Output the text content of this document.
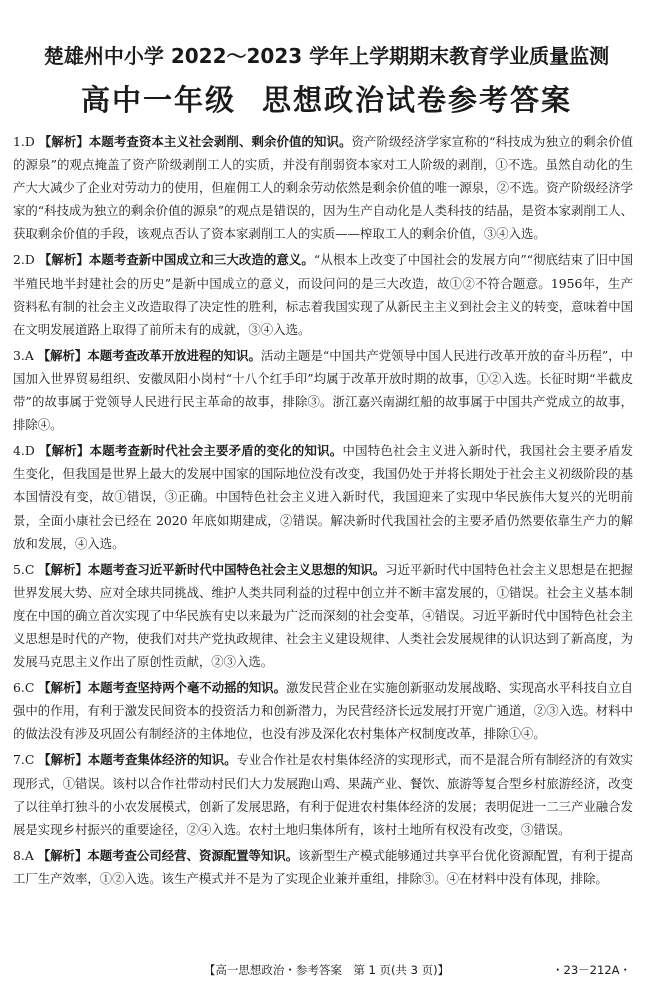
楚雄州中小学 2022～2023 学年上学期期末教育学业质量监测
高中一年级 思想政治试卷参考答案
1.D 【解析】本题考查资本主义社会剥削、剩余价值的知识。资产阶级经济学家宣称的“科技成为独立的剩余价值的源泉”的观点掩盖了资产阶级剥削工人的实质，并没有削弱资本家对工人阶级的剥削，①不选。虽然自动化的生产大大减少了企业对劳动力的使用，但雇佣工人的剩余劳动依然是剩余价值的唯一源泉，②不选。资产阶级经济学家的“科技成为独立的剩余价值的源泉”的观点是错误的，因为生产自动化是人类科技的结晶，是资本家剥削工人、获取剩余价值的手段，该观点否认了资本家剥削工人的实质——榨取工人的剩余价值，③④入选。
2.D 【解析】本题考查新中国成立和三大改造的意义。“从根本上改变了中国社会的发展方向”“彻底结束了旧中国半殖民地半封建社会的历史”是新中国成立的意义，而设问问的是三大改造，故①②不符合题意。1956年，生产资料私有制的社会主义改造取得了决定性的胜利，标志着我国实现了从新民主主义到社会主义的转变，意味着中国在文明发展道路上取得了前所未有的成就，③④入选。
3.A 【解析】本题考查改革开放进程的知识。活动主题是“中国共产党领导中国人民进行改革开放的奋斗历程”，中国加入世界贸易组织、安徽凤阳小岗村“十八个红手印”均属于改革开放时期的故事，①②入选。长征时期“半截皮带”的故事属于党领导人民进行民主革命的故事，排除③。浙江嘉兴南湖红船的故事属于中国共产党成立的故事，排除④。
4.D 【解析】本题考查新时代社会主要矛盾的变化的知识。中国特色社会主义进入新时代，我国社会主要矛盾发生变化，但我国是世界上最大的发展中国家的国际地位没有改变，我国仍处于并将长期处于社会主义初级阶段的基本国情没有变，故①错误，③正确。中国特色社会主义进入新时代，我国迎来了实现中华民族伟大复兴的光明前景，全面小康社会已经在 2020 年底如期建成，②错误。解决新时代我国社会的主要矛盾仍然要依靠生产力的解放和发展，④入选。
5.C 【解析】本题考查习近平新时代中国特色社会主义思想的知识。习近平新时代中国特色社会主义思想是在把握世界发展大势、应对全球共同挑战、维护人类共同利益的过程中创立并不断丰富发展的，①错误。社会主义基本制度在中国的确立首次实现了中华民族有史以来最为广泛而深刻的社会变革，④错误。习近平新时代中国特色社会主义思想是时代的产物，使我们对共产党执政规律、社会主义建设规律、人类社会发展规律的认识达到了新高度，为发展马克思主义作出了原创性贡献，②③入选。
6.C 【解析】本题考查坚持两个毫不动摇的知识。激发民营企业在实施创新驱动发展战略、实现高水平科技自立自强中的作用，有利于激发民间资本的投资活力和创新潜力，为民营经济长远发展打开宽广通道，②③入选。材料中的做法没有涉及巩固公有制经济的主体地位，也没有涉及深化农村集体产权制度改革，排除①④。
7.C 【解析】本题考查集体经济的知识。专业合作社是农村集体经济的实现形式，而不是混合所有制经济的有效实现形式，①错误。该村以合作社带动村民们大力发展跑山鸡、果蔬产业、餐饮、旅游等复合型乡村旅游经济，改变了以往单打独斗的小农发展模式，创新了发展思路，有利于促进农村集体经济的发展；表明促进一二三产业融合发展是实现乡村振兴的重要途径，②④入选。农村土地归集体所有，该村土地所有权没有改变，③错误。
8.A 【解析】本题考查公司经营、资源配置等知识。该新型生产模式能够通过共享平台优化资源配置，有利于提高工厂生产效率，①②入选。该生产模式并不是为了实现企业兼并重组，排除③。④在材料中没有体现，排除。
【高一思想政治・参考答案　第 1 页(共 3 页)】	・23－212A・
